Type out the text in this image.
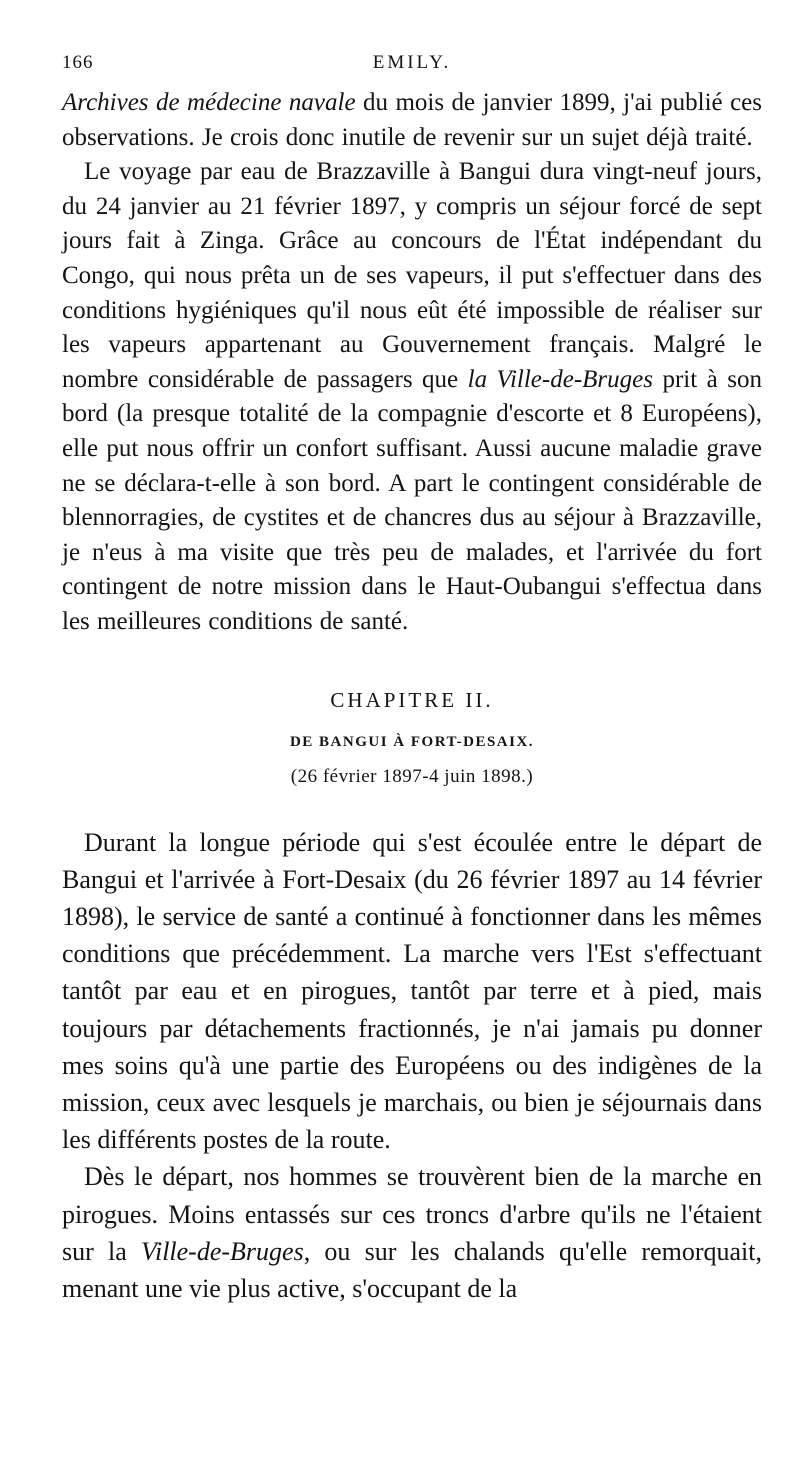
166	EMILY.

Archives de médecine navale du mois de janvier 1899, j'ai publié ces observations. Je crois donc inutile de revenir sur un sujet déjà traité.

Le voyage par eau de Brazzaville à Bangui dura vingt-neuf jours, du 24 janvier au 21 février 1897, y compris un séjour forcé de sept jours fait à Zinga. Grâce au concours de l'État indépendant du Congo, qui nous prêta un de ses vapeurs, il put s'effectuer dans des conditions hygiéniques qu'il nous eût été impossible de réaliser sur les vapeurs appartenant au Gouvernement français. Malgré le nombre considérable de passagers que la Ville-de-Bruges prit à son bord (la presque totalité de la compagnie d'escorte et 8 Européens), elle put nous offrir un confort suffisant. Aussi aucune maladie grave ne se déclara-t-elle à son bord. A part le contingent considérable de blennorragies, de cystites et de chancres dus au séjour à Brazzaville, je n'eus à ma visite que très peu de malades, et l'arrivée du fort contingent de notre mission dans le Haut-Oubangui s'effectua dans les meilleures conditions de santé.

CHAPITRE II.
DE BANGUI À FORT-DESAIX.
(26 février 1897-4 juin 1898.)

Durant la longue période qui s'est écoulée entre le départ de Bangui et l'arrivée à Fort-Desaix (du 26 février 1897 au 14 février 1898), le service de santé a continué à fonctionner dans les mêmes conditions que précédemment. La marche vers l'Est s'effectuant tantôt par eau et en pirogues, tantôt par terre et à pied, mais toujours par détachements fractionnés, je n'ai jamais pu donner mes soins qu'à une partie des Européens ou des indigènes de la mission, ceux avec lesquels je marchais, ou bien je séjournais dans les différents postes de la route.

Dès le départ, nos hommes se trouvèrent bien de la marche en pirogues. Moins entassés sur ces troncs d'arbre qu'ils ne l'étaient sur la Ville-de-Bruges, ou sur les chalands qu'elle remorquait, menant une vie plus active, s'occupant de la
